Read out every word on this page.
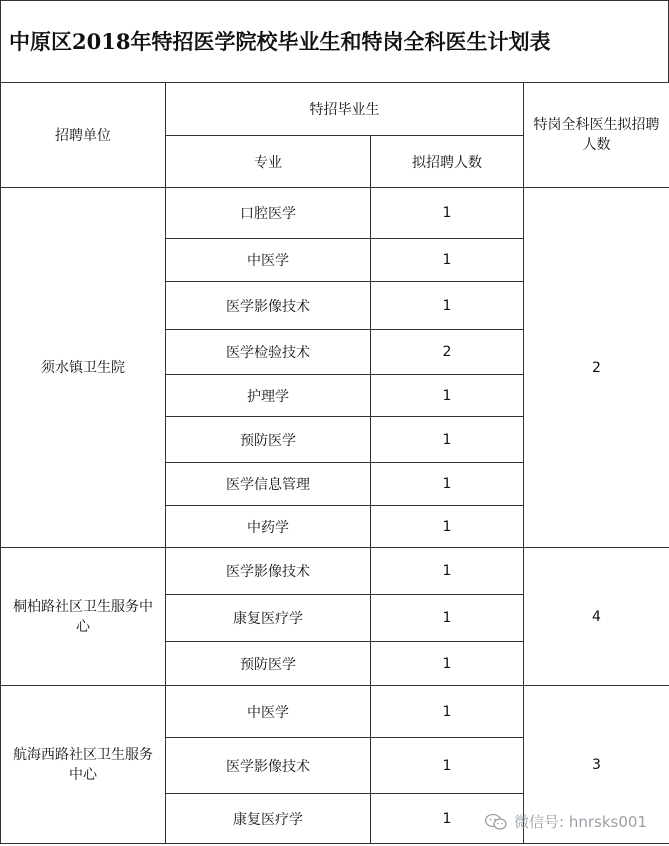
中原区2018年特招医学院校毕业生和特岗全科医生计划表
招聘单位	特招毕业生		特岗全科医生拟招聘人数
	专业	拟招聘人数	
须水镇卫生院	口腔医学	1	2
	中医学	1	
	医学影像技术	1	
	医学检验技术	2	
	护理学	1	
	预防医学	1	
	医学信息管理	1	
	中药学	1	

桐柏路社区卫生服务中
心	医学影像技术	1	4
	康复医疗学	1	
	预防医学	1	

航海西路社区卫生服务
中心	中医学	1	3
	医学影像技术	1	
	康复医疗学	1		微信号: hnrsks001
